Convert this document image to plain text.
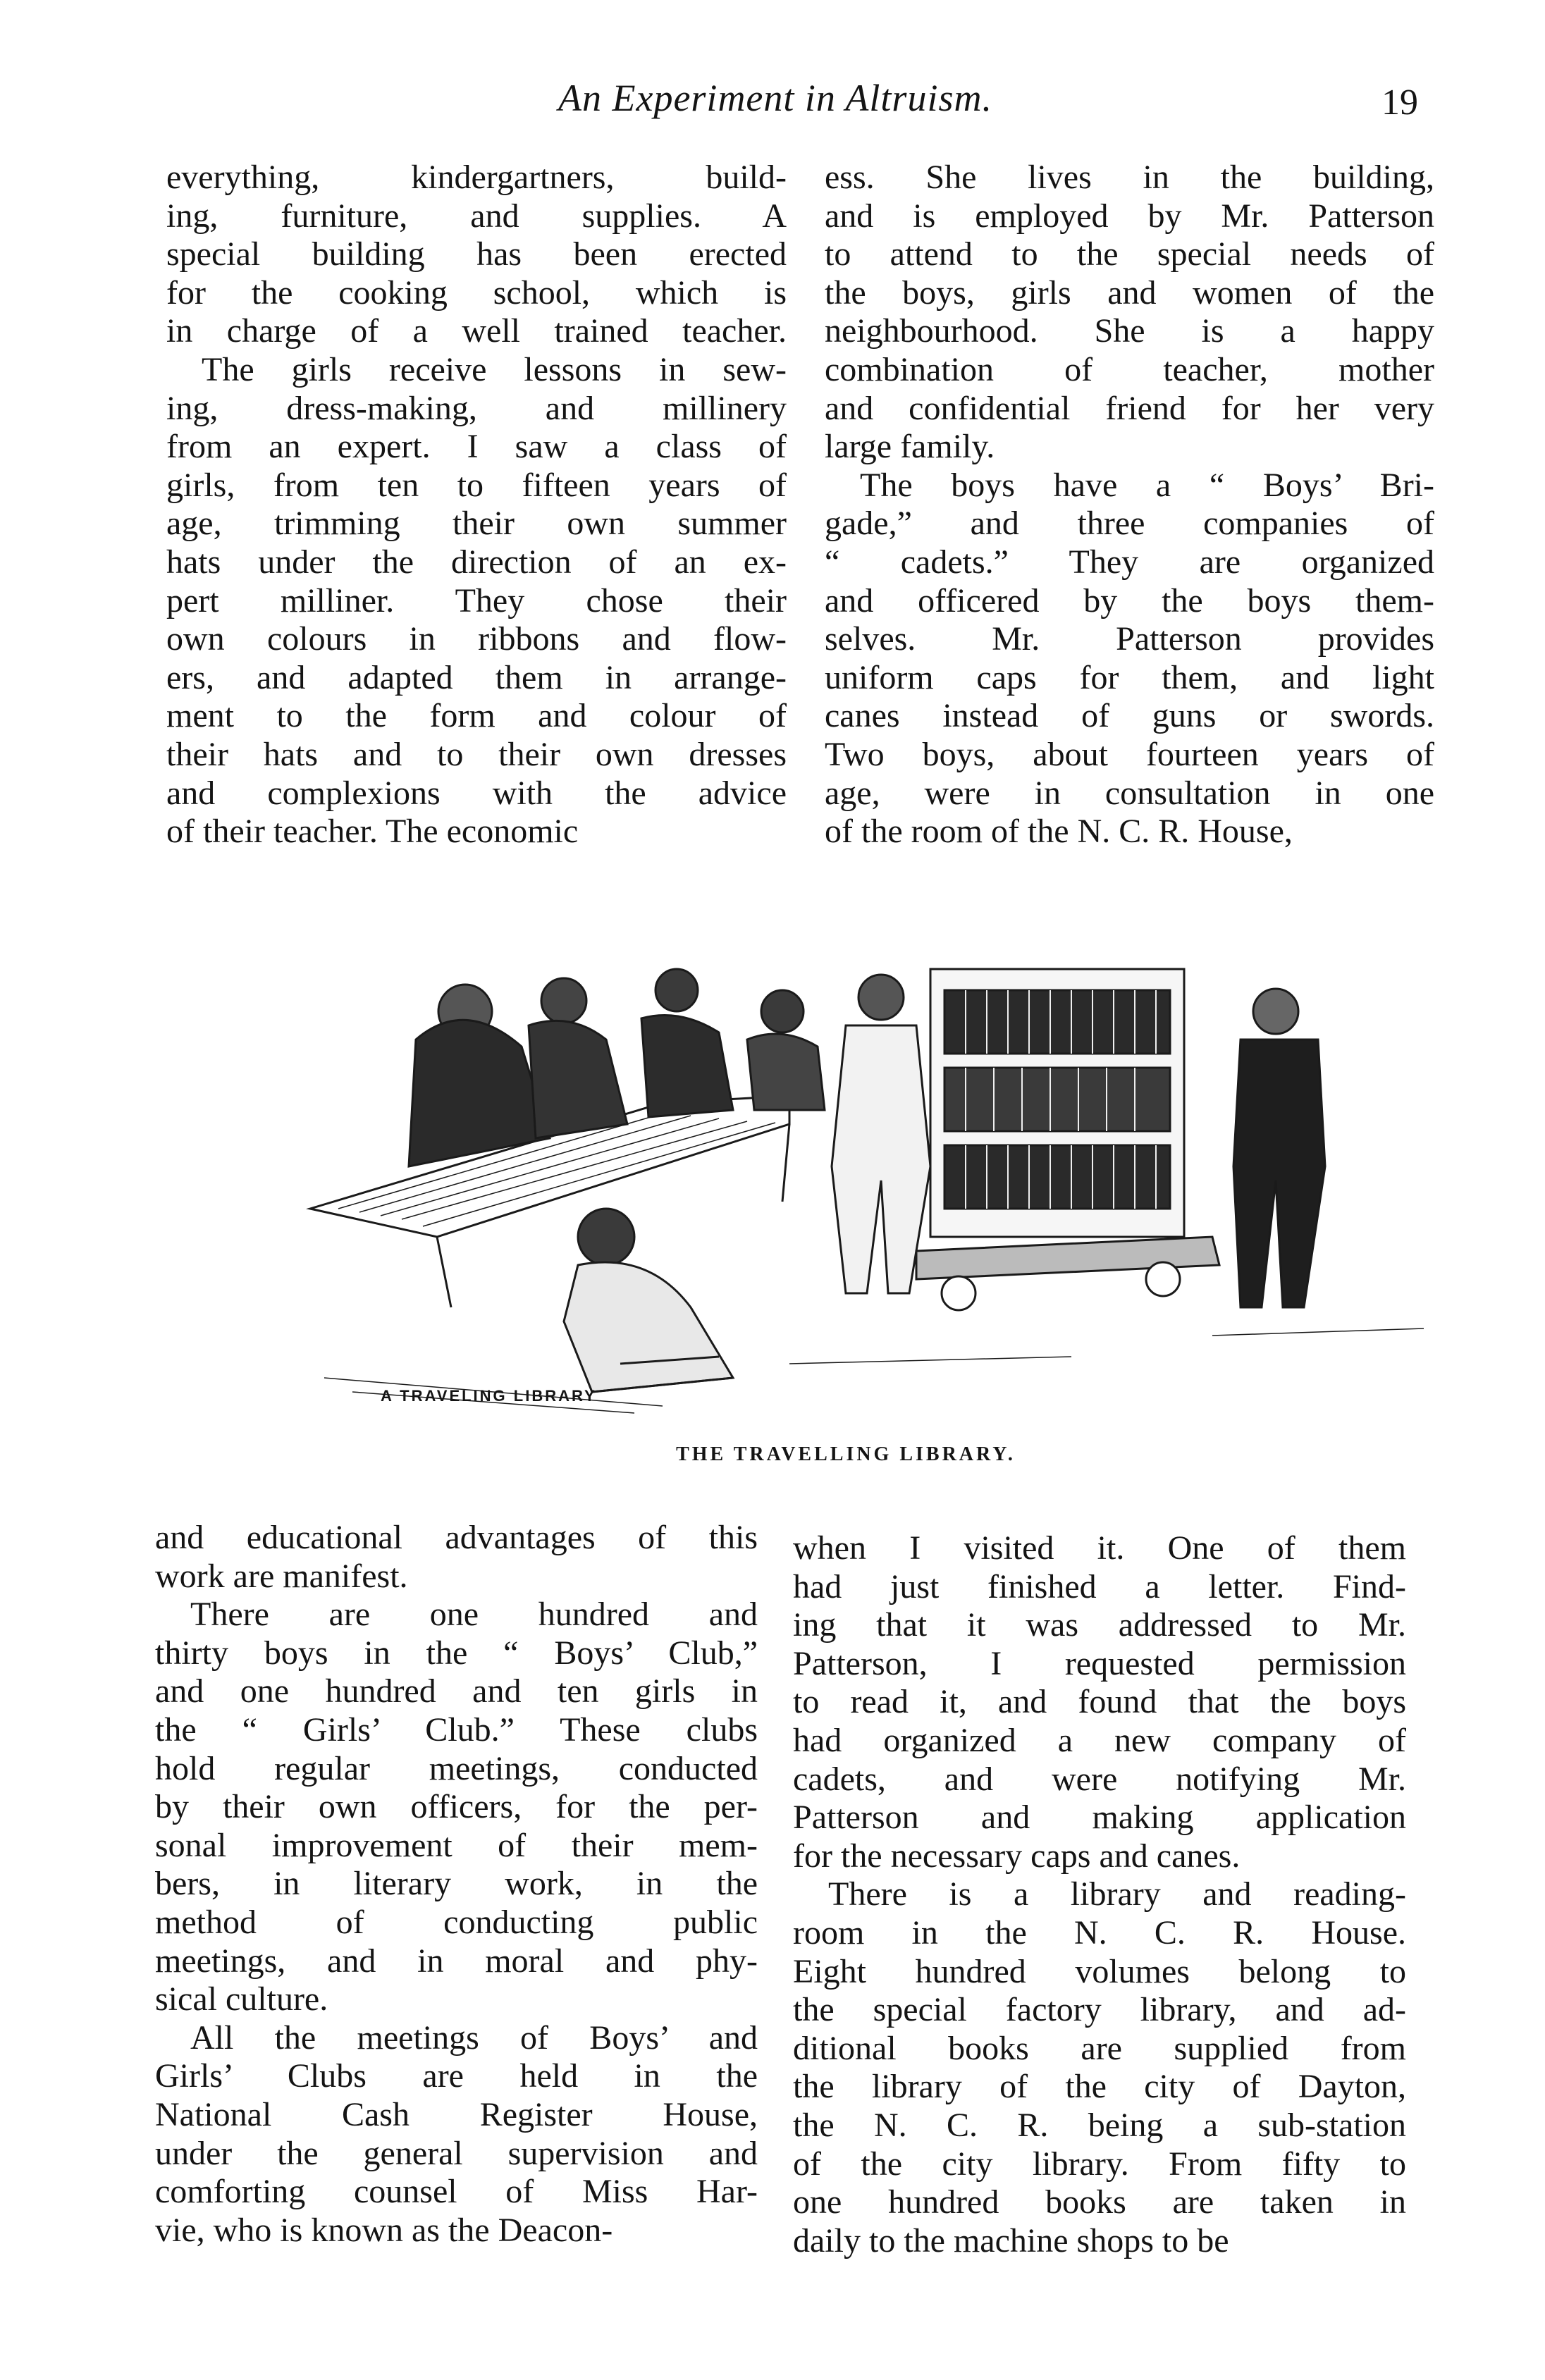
An Experiment in Altruism.	19
everything, kindergartners, build-
ing, furniture, and supplies. A
special building has been erected
for the cooking school, which is
in charge of a well trained teacher.
The girls receive lessons in sew-
ing, dress-making, and millinery
from an expert. I saw a class of
girls, from ten to fifteen years of
age, trimming their own summer
hats under the direction of an ex-
pert milliner. They chose their
own colours in ribbons and flow-
ers, and adapted them in arrange-
ment to the form and colour of
their hats and to their own dresses
and complexions with the advice
of their teacher. The economic
ess. She lives in the building,
and is employed by Mr. Patterson
to attend to the special needs of
the boys, girls and women of the
neighbourhood. She is a happy
combination of teacher, mother
and confidential friend for her very
large family.
The boys have a “ Boys’ Bri-
gade,” and three companies of
“ cadets.” They are organized
and officered by the boys them-
selves. Mr. Patterson provides
uniform caps for them, and light
canes instead of guns or swords.
Two boys, about fourteen years of
age, were in consultation in one
of the room of the N. C. R. House,
A TRAVELING LIBRARY
THE TRAVELLING LIBRARY.
and educational advantages of this
work are manifest.
There are one hundred and
thirty boys in the “ Boys’ Club,”
and one hundred and ten girls in
the “ Girls’ Club.” These clubs
hold regular meetings, conducted
by their own officers, for the per-
sonal improvement of their mem-
bers, in literary work, in the
method of conducting public
meetings, and in moral and phy-
sical culture.
All the meetings of Boys’ and
Girls’ Clubs are held in the
National Cash Register House,
under the general supervision and
comforting counsel of Miss Har-
vie, who is known as the Deacon-
when I visited it. One of them
had just finished a letter. Find-
ing that it was addressed to Mr.
Patterson, I requested permission
to read it, and found that the boys
had organized a new company of
cadets, and were notifying Mr.
Patterson and making application
for the necessary caps and canes.
There is a library and reading-
room in the N. C. R. House.
Eight hundred volumes belong to
the special factory library, and ad-
ditional books are supplied from
the library of the city of Dayton,
the N. C. R. being a sub-station
of the city library. From fifty to
one hundred books are taken in
daily to the machine shops to be
